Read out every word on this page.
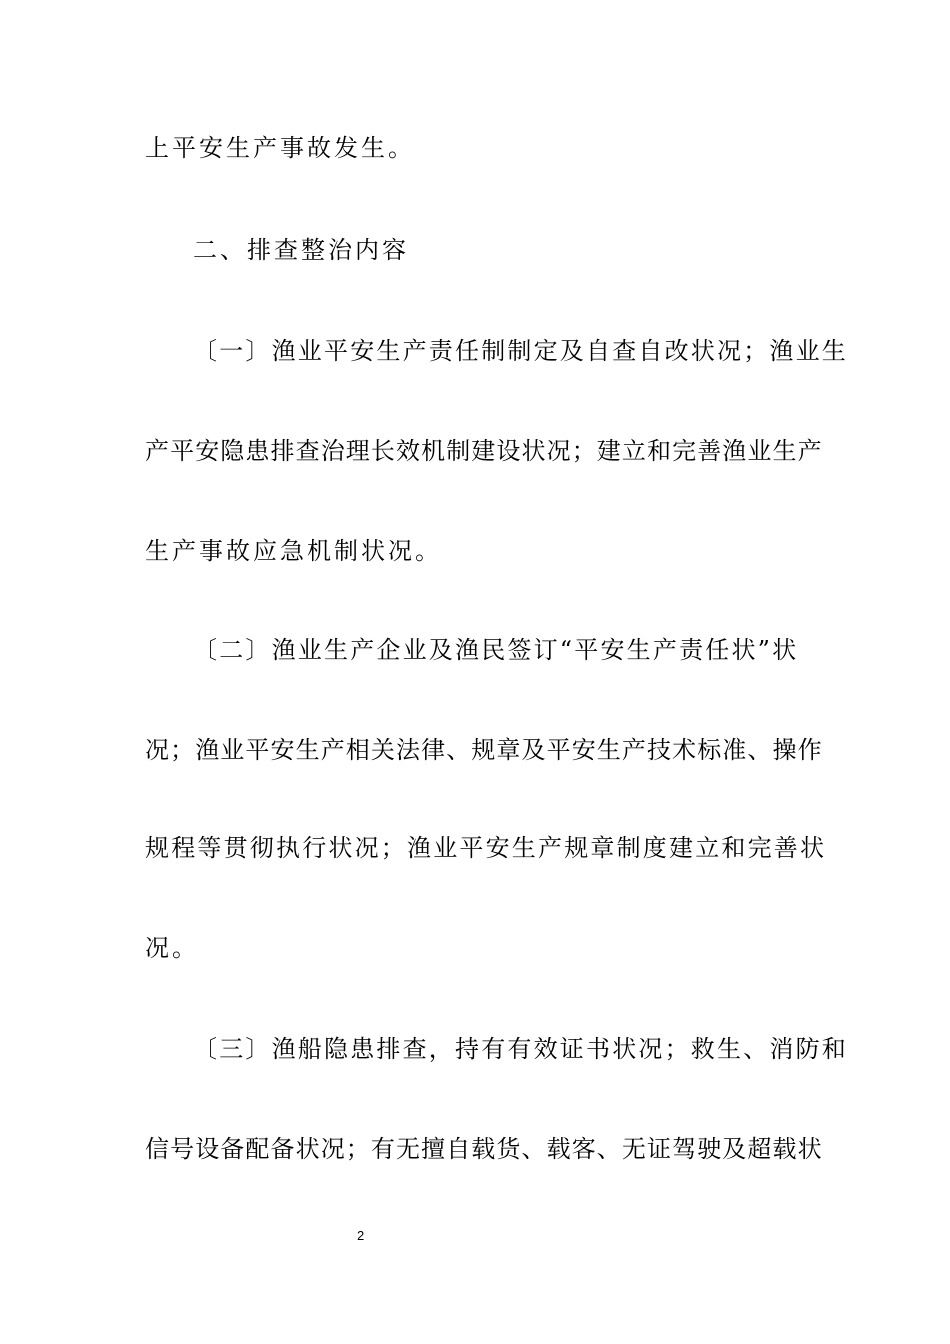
上平安生产事故发生。
二、排查整治内容
〔一〕渔业平安生产责任制制定及自查自改状况；渔业生
产平安隐患排查治理长效机制建设状况；建立和完善渔业生产
生产事故应急机制状况。
〔二〕渔业生产企业及渔民签订“平安生产责任状”状
况；渔业平安生产相关法律、规章及平安生产技术标准、操作
规程等贯彻执行状况；渔业平安生产规章制度建立和完善状
况。
〔三〕渔船隐患排查，持有有效证书状况；救生、消防和
信号设备配备状况；有无擅自载货、载客、无证驾驶及超载状
2
